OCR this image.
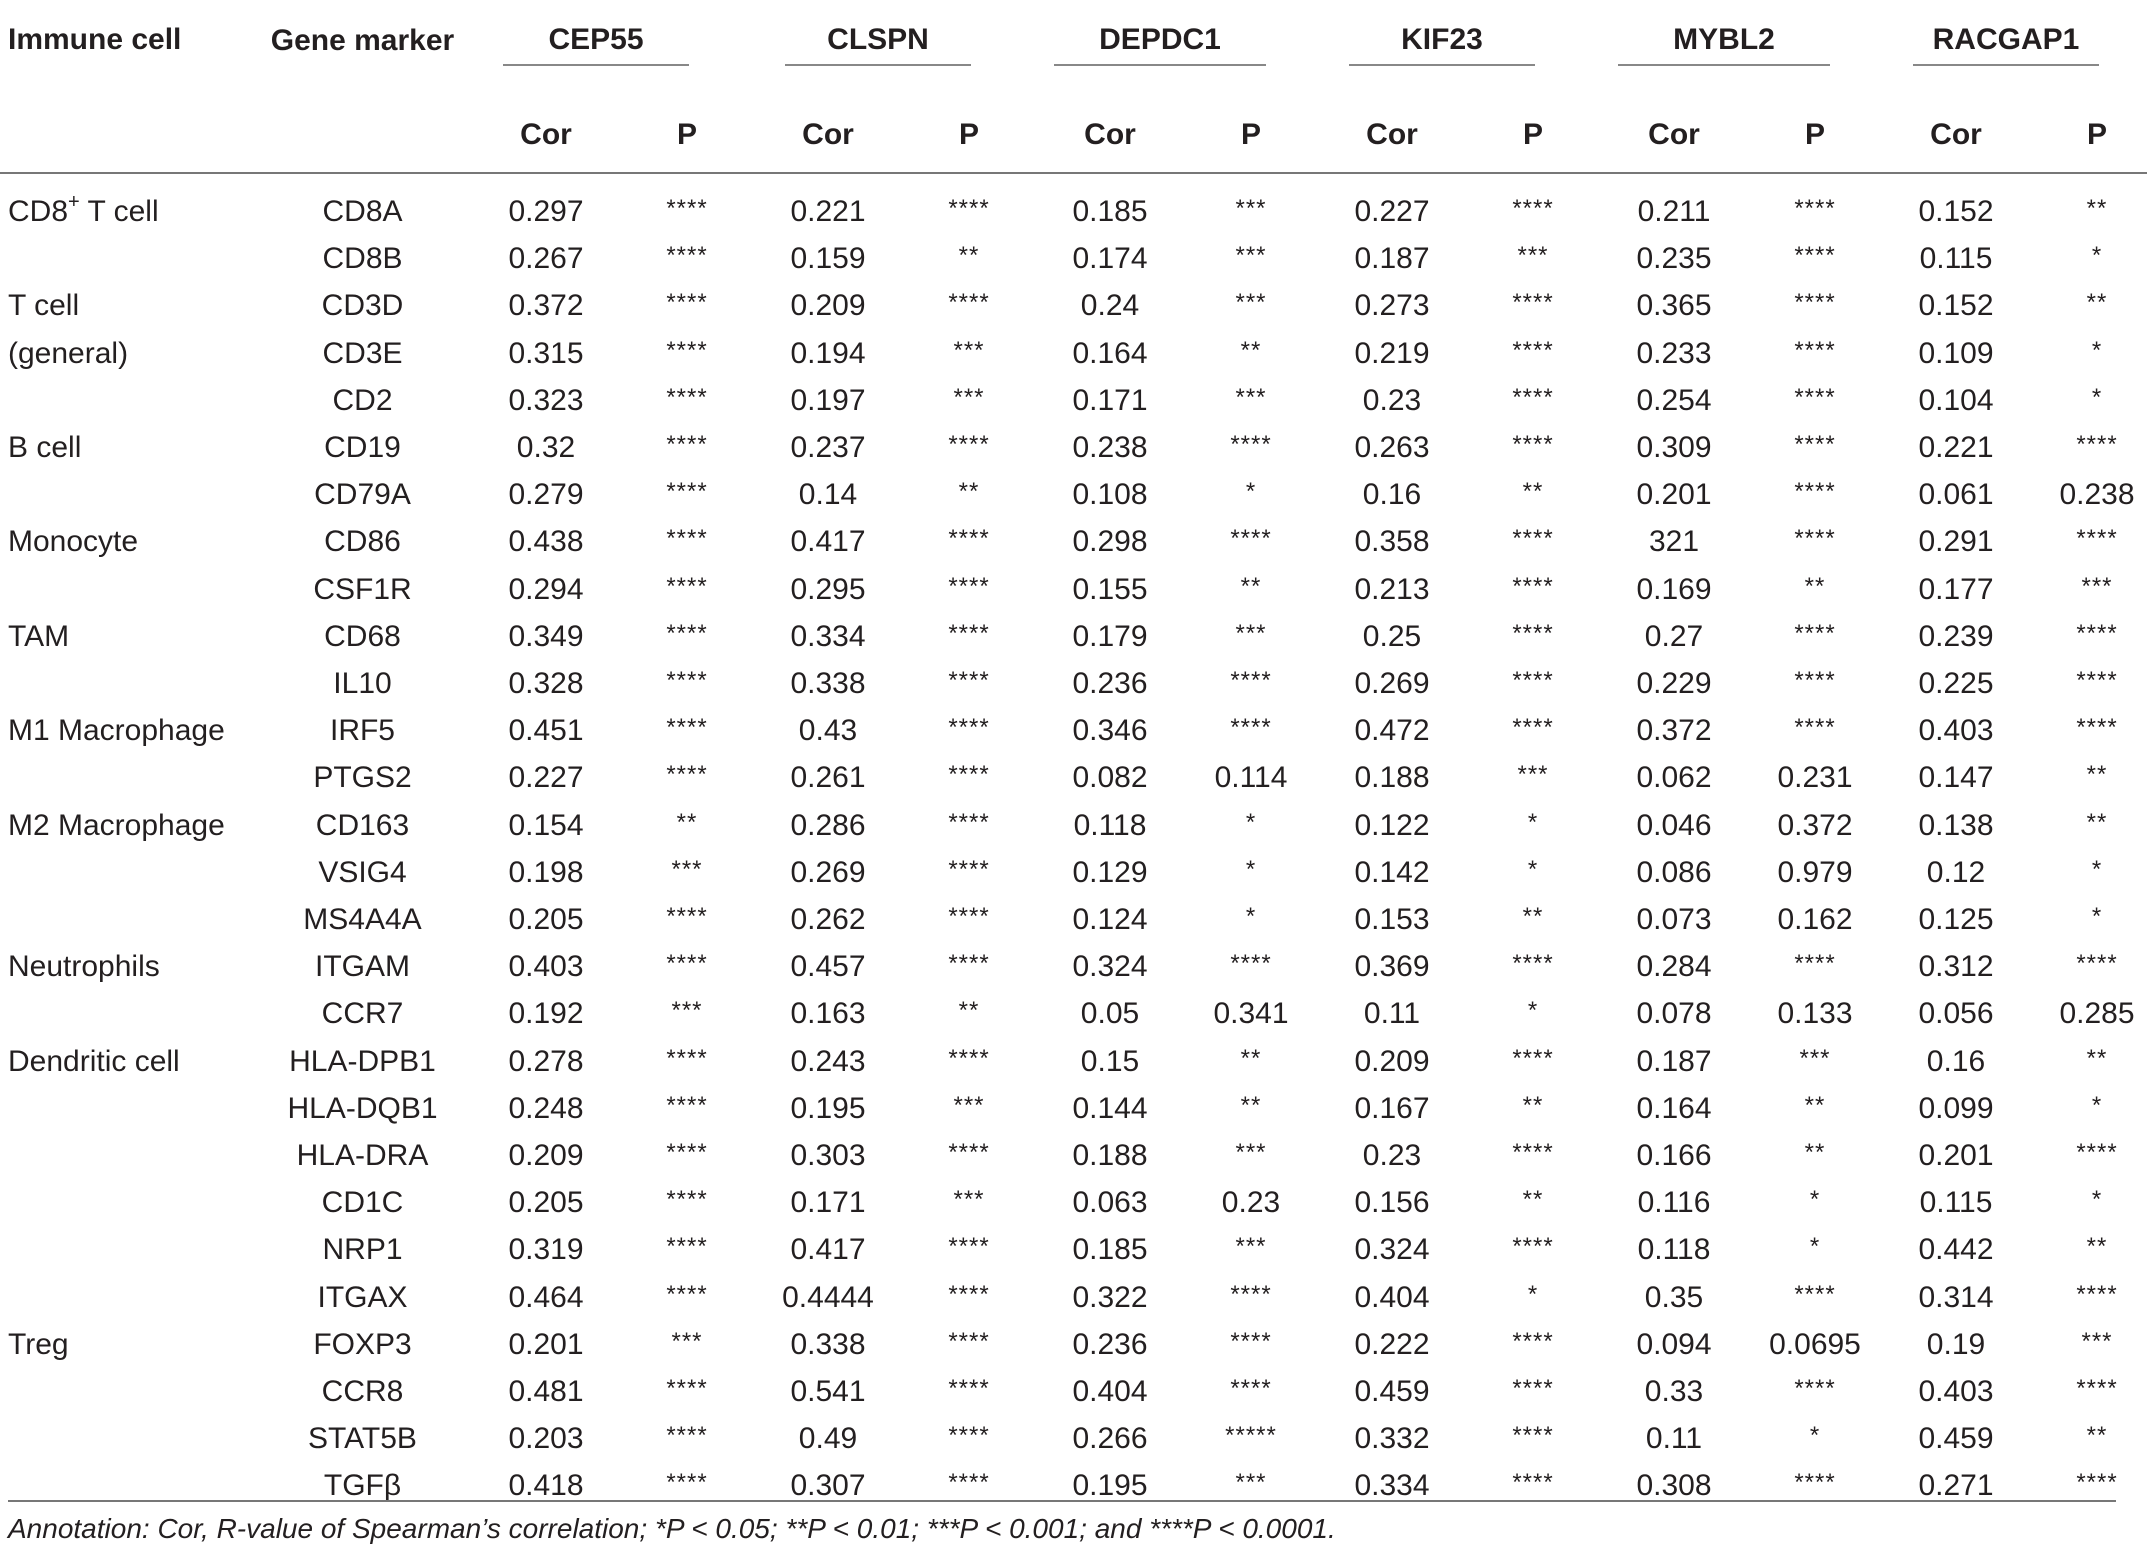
Immune cell	Gene marker	CEP55		CLSPN		DEPDC1		KIF23		MYBL2		RACGAP1	
		Cor	P	Cor	P	Cor	P	Cor	P	Cor	P	Cor	P
CD8+ T cell	CD8A	0.297	****	0.221	****	0.185	***	0.227	****	0.211	****	0.152	**
	CD8B	0.267	****	0.159	**	0.174	***	0.187	***	0.235	****	0.115	*
T cell	CD3D	0.372	****	0.209	****	0.24	***	0.273	****	0.365	****	0.152	**
(general)	CD3E	0.315	****	0.194	***	0.164	**	0.219	****	0.233	****	0.109	*
	CD2	0.323	****	0.197	***	0.171	***	0.23	****	0.254	****	0.104	*
B cell	CD19	0.32	****	0.237	****	0.238	****	0.263	****	0.309	****	0.221	****
	CD79A	0.279	****	0.14	**	0.108	*	0.16	**	0.201	****	0.061	0.238
Monocyte	CD86	0.438	****	0.417	****	0.298	****	0.358	****	321	****	0.291	****
	CSF1R	0.294	****	0.295	****	0.155	**	0.213	****	0.169	**	0.177	***
TAM	CD68	0.349	****	0.334	****	0.179	***	0.25	****	0.27	****	0.239	****
	IL10	0.328	****	0.338	****	0.236	****	0.269	****	0.229	****	0.225	****
M1 Macrophage	IRF5	0.451	****	0.43	****	0.346	****	0.472	****	0.372	****	0.403	****
	PTGS2	0.227	****	0.261	****	0.082	0.114	0.188	***	0.062	0.231	0.147	**
M2 Macrophage	CD163	0.154	**	0.286	****	0.118	*	0.122	*	0.046	0.372	0.138	**
	VSIG4	0.198	***	0.269	****	0.129	*	0.142	*	0.086	0.979	0.12	*
	MS4A4A	0.205	****	0.262	****	0.124	*	0.153	**	0.073	0.162	0.125	*
Neutrophils	ITGAM	0.403	****	0.457	****	0.324	****	0.369	****	0.284	****	0.312	****
	CCR7	0.192	***	0.163	**	0.05	0.341	0.11	*	0.078	0.133	0.056	0.285
Dendritic cell	HLA-DPB1	0.278	****	0.243	****	0.15	**	0.209	****	0.187	***	0.16	**
	HLA-DQB1	0.248	****	0.195	***	0.144	**	0.167	**	0.164	**	0.099	*
	HLA-DRA	0.209	****	0.303	****	0.188	***	0.23	****	0.166	**	0.201	****
	CD1C	0.205	****	0.171	***	0.063	0.23	0.156	**	0.116	*	0.115	*
	NRP1	0.319	****	0.417	****	0.185	***	0.324	****	0.118	*	0.442	**
	ITGAX	0.464	****	0.4444	****	0.322	****	0.404	*	0.35	****	0.314	****
Treg	FOXP3	0.201	***	0.338	****	0.236	****	0.222	****	0.094	0.0695	0.19	***
	CCR8	0.481	****	0.541	****	0.404	****	0.459	****	0.33	****	0.403	****
	STAT5B	0.203	****	0.49	****	0.266	*****	0.332	****	0.11	*	0.459	**
	TGFβ	0.418	****	0.307	****	0.195	***	0.334	****	0.308	****	0.271	****
Annotation: Cor, R-value of Spearman’s correlation; *P < 0.05; **P < 0.01; ***P < 0.001; and ****P < 0.0001.
